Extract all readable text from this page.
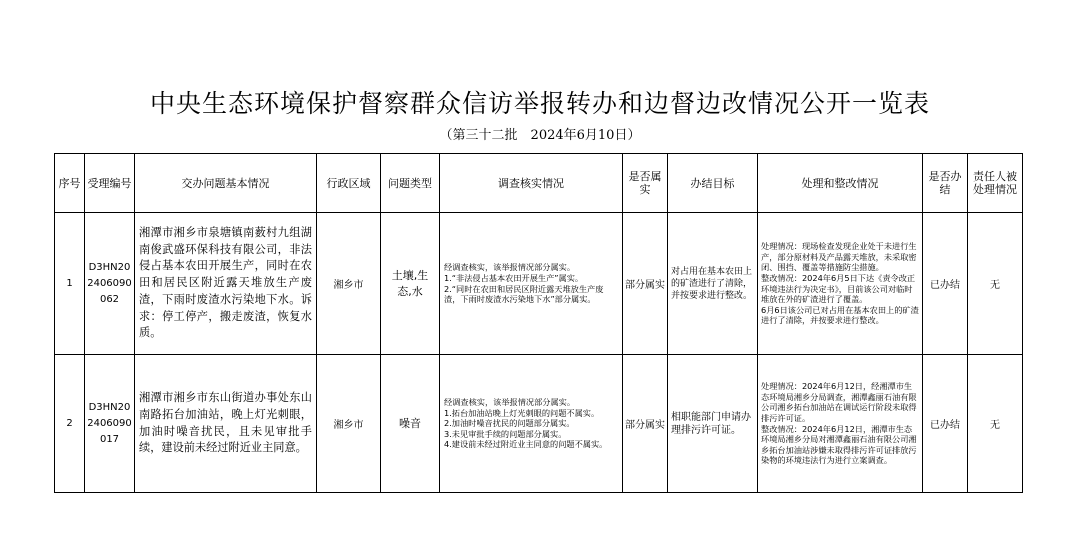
中央生态环境保护督察群众信访举报转办和边督边改情况公开一览表
（第三十二批　2024年6月10日）
序号	受理编号	交办问题基本情况	行政区域	问题类型	调查核实情况	是否属实	办结目标	处理和整改情况	是否办结	责任人被处理情况
1	D3HN202406090062	湘潭市湘乡市泉塘镇南薮村九组湖南俊武盛环保科技有限公司，非法侵占基本农田开展生产，同时在农田和居民区附近露天堆放生产废渣，下雨时废渣水污染地下水。诉求：停工停产，搬走废渣，恢复水质。	湘乡市	土壤,生态,水	经调查核实，该举报情况部分属实。
1.“非法侵占基本农田开展生产”属实。
2.“同时在农田和居民区附近露天堆放生产废渣，下雨时废渣水污染地下水”部分属实。	部分属实	对占用在基本农田上的矿渣进行了清除，并按要求进行整改。	处理情况：现场检查发现企业处于未进行生产，部分原材料及产品露天堆放，未采取密闭、围挡、覆盖等措施防尘措施。
整改情况：2024年6月5日下达《责令改正环境违法行为决定书》，目前该公司对临时堆放在外的矿渣进行了覆盖。
6月6日该公司已对占用在基本农田上的矿渣进行了清除，并按要求进行整改。	已办结	无
2	D3HN202406090017	湘潭市湘乡市东山街道办事处东山南路拓台加油站，晚上灯光刺眼，加油时噪音扰民，且未见审批手续，建设前未经过附近业主同意。	湘乡市	噪音	经调查核实，该举报情况部分属实。
1.拓台加油站晚上灯光刺眼的问题不属实。
2.加油时噪音扰民的问题部分属实。
3.未见审批手续的问题部分属实。
4.建设前未经过附近业主同意的问题不属实。	部分属实	相职能部门申请办理排污许可证。	处理情况：2024年6月12日，经湘潭市生态环境局湘乡分局调查，湘潭鑫丽石油有限公司湘乡拓台加油站在调试运行阶段未取得排污许可证。
整改情况：2024年6月12日，湘潭市生态环境局湘乡分局对湘潭鑫丽石油有限公司湘乡拓台加油站涉嫌未取得排污许可证排放污染物的环境违法行为进行立案调查。	已办结	无
